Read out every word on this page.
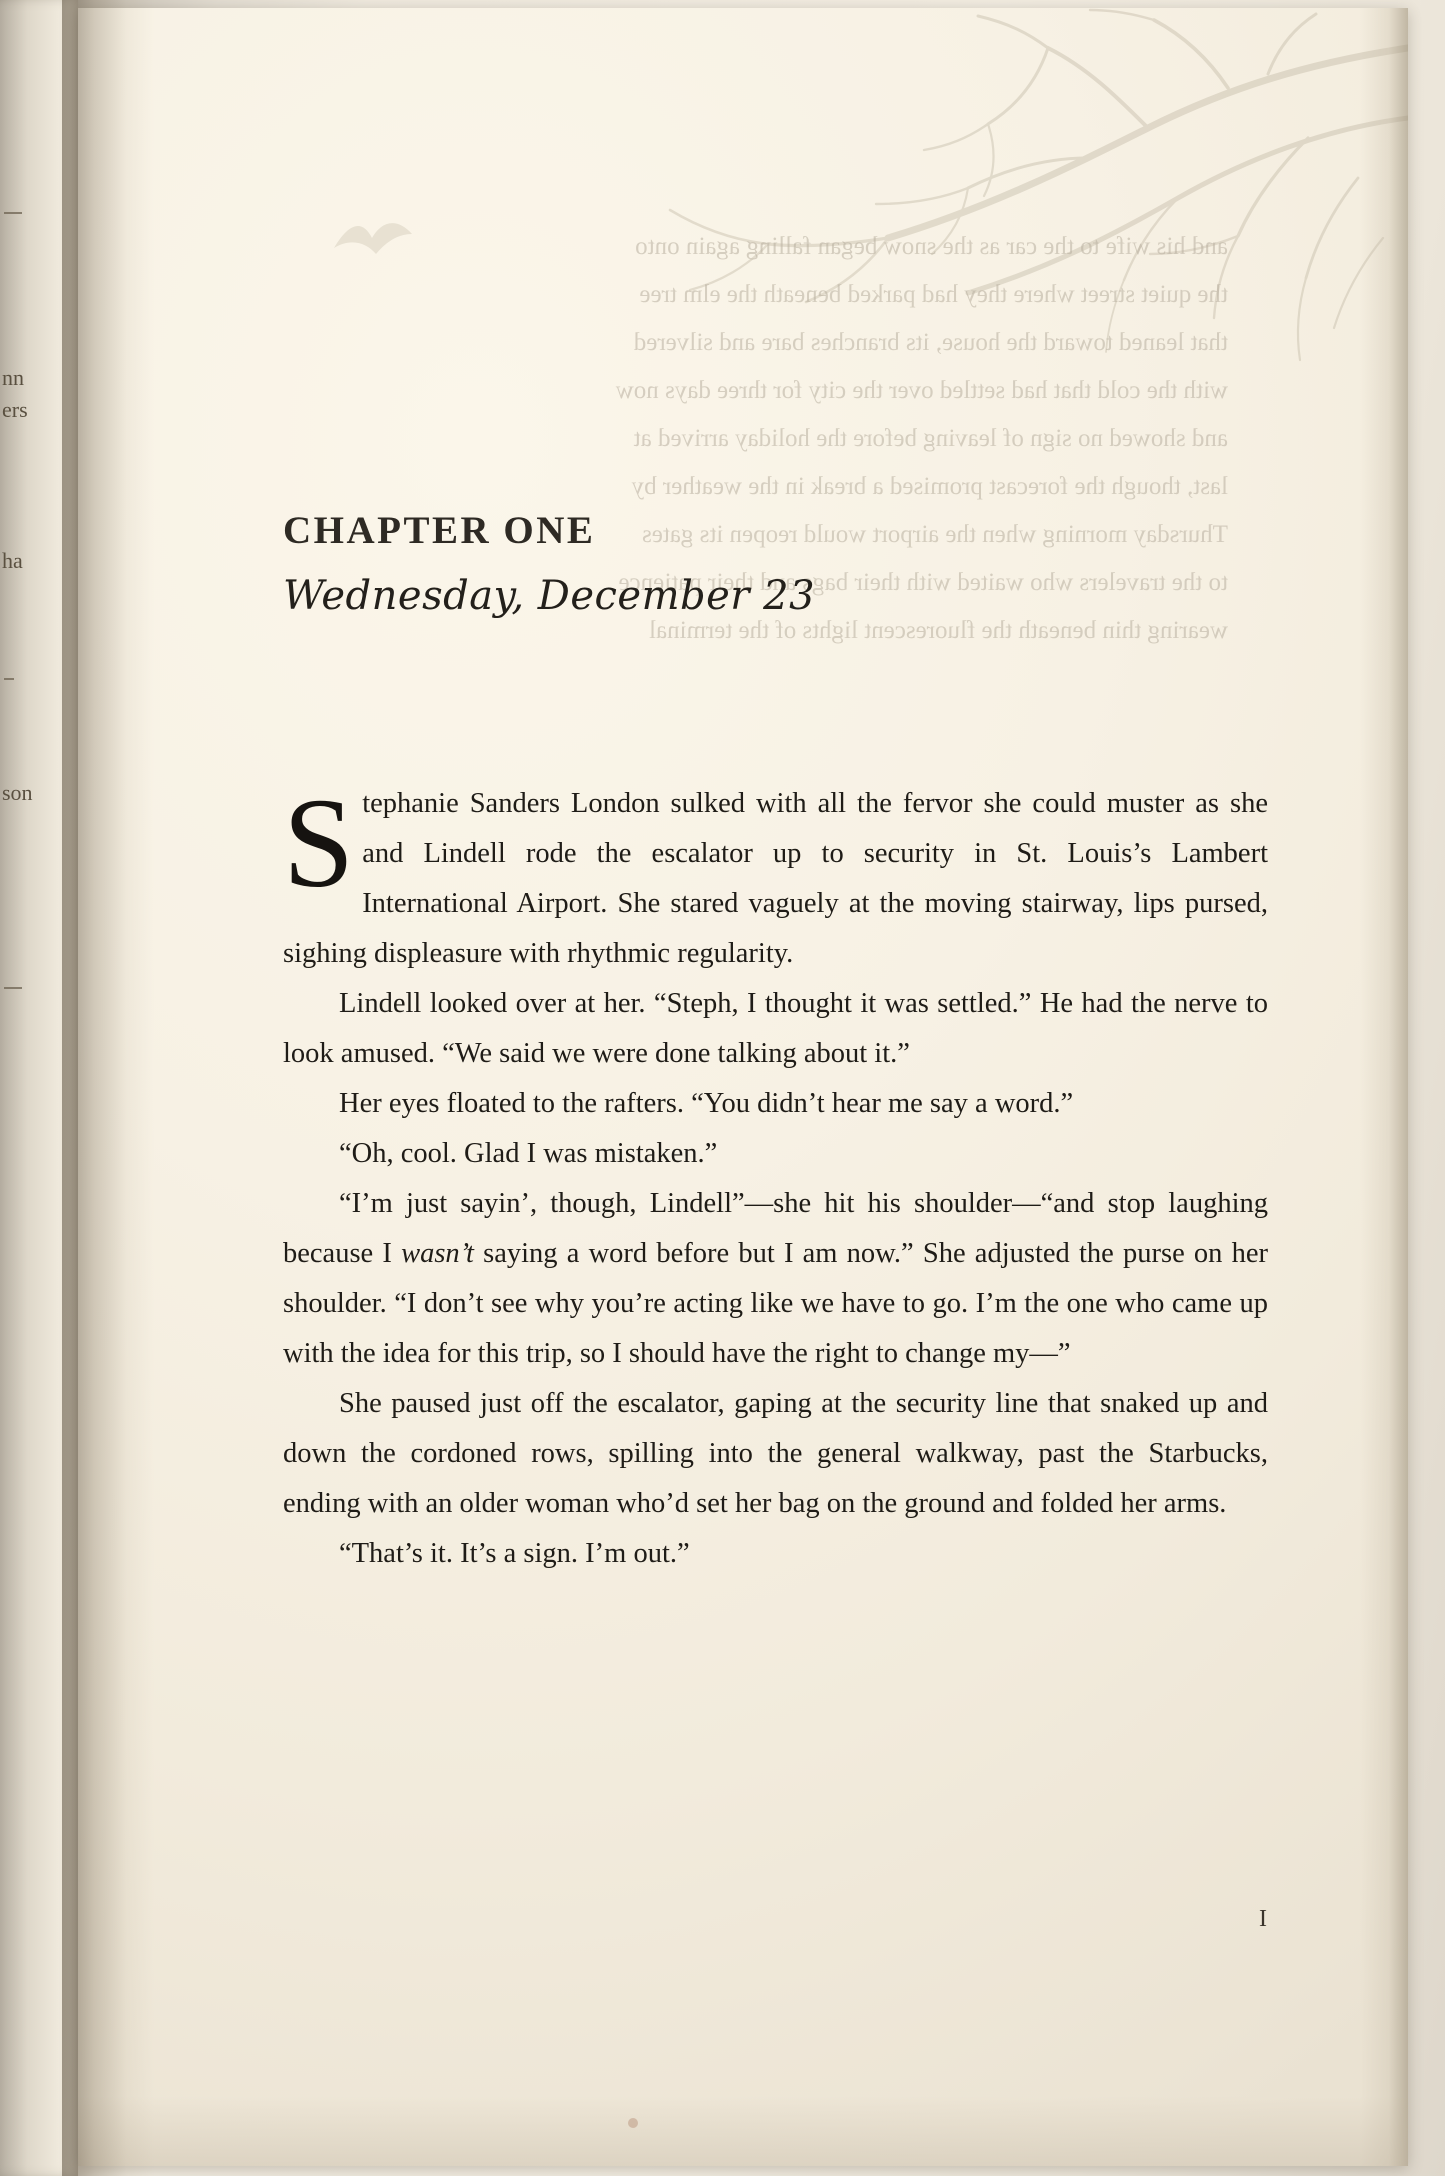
nn
ers
ha
son

and his wife to the car as the snow began falling again onto

the quiet street where they had parked beneath the elm tree

that leaned toward the house, its branches bare and silvered

with the cold that had settled over the city for three days now

and showed no sign of leaving before the holiday arrived at

last, though the forecast promised a break in the weather by

Thursday morning when the airport would reopen its gates

to the travelers who waited with their bags and their patience

wearing thin beneath the fluorescent lights of the terminal

CHAPTER ONE
Wednesday, December 23

Stephanie Sanders London sulked with all the fervor she could muster as she and Lindell rode the escalator up to security in St. Louis’s Lambert International Airport. She stared vaguely at the moving stairway, lips pursed, sighing displeasure with rhythmic regularity.

Lindell looked over at her. “Steph, I thought it was settled.” He had the nerve to look amused. “We said we were done talking about it.”

Her eyes floated to the rafters. “You didn’t hear me say a word.”

“Oh, cool. Glad I was mistaken.”

“I’m just sayin’, though, Lindell”—she hit his shoulder—“and stop laughing because I wasn’t saying a word before but I am now.” She adjusted the purse on her shoulder. “I don’t see why you’re acting like we have to go. I’m the one who came up with the idea for this trip, so I should have the right to change my—”

She paused just off the escalator, gaping at the security line that snaked up and down the cordoned rows, spilling into the general walkway, past the Starbucks, ending with an older woman who’d set her bag on the ground and folded her arms.

“That’s it. It’s a sign. I’m out.”

I
